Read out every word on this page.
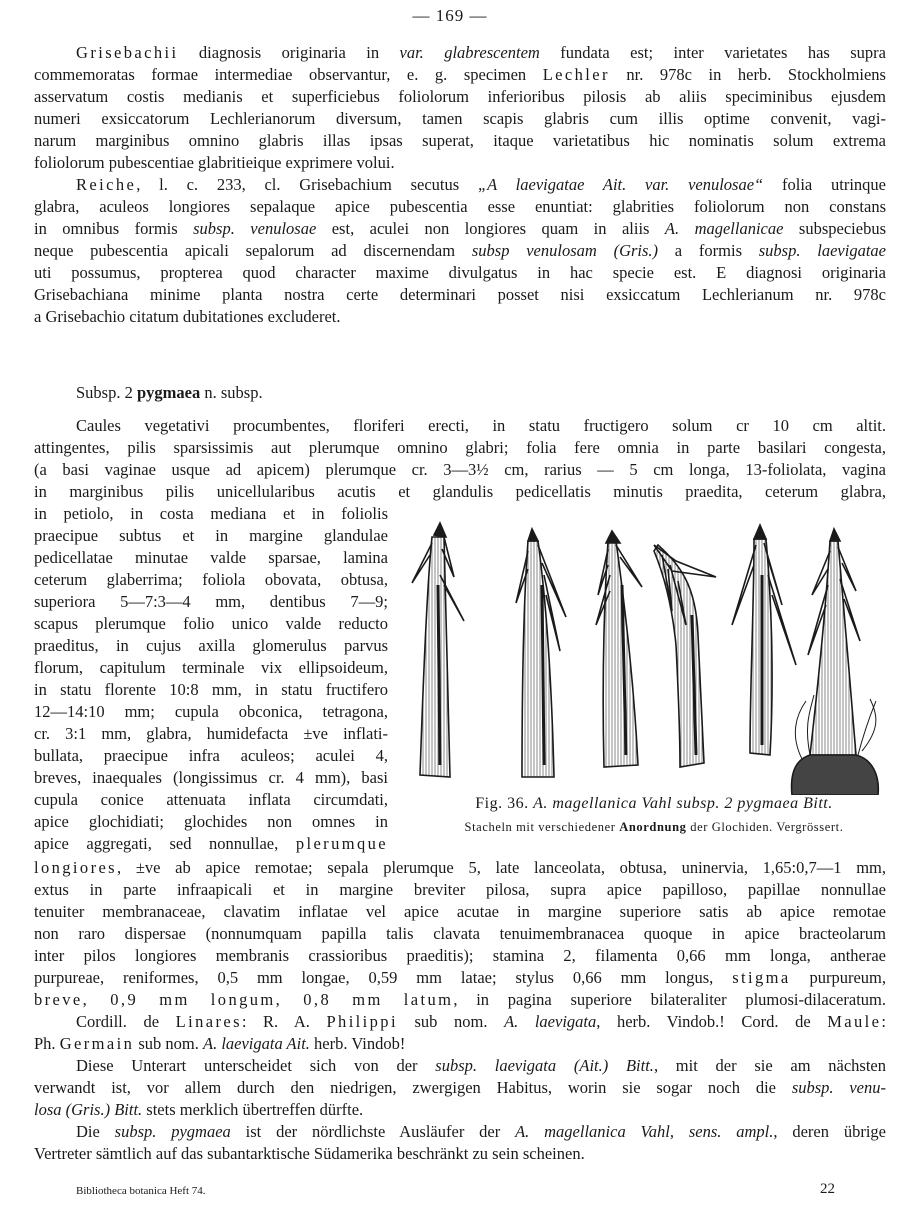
— 169 —
Grisebachii diagnosis originaria in var. glabrescentem fundata est; inter varietates has supra
commemoratas formae intermediae observantur, e. g. specimen Lechler nr. 978c in herb. Stockholmiens
asservatum costis medianis et superficiebus foliolorum inferioribus pilosis ab aliis speciminibus ejusdem
numeri exsiccatorum Lechlerianorum diversum, tamen scapis glabris cum illis optime convenit, vagi-
narum marginibus omnino glabris illas ipsas superat, itaque varietatibus hic nominatis solum extrema
foliolorum pubescentiae glabritieique exprimere volui.
Reiche, l. c. 233, cl. Grisebachium secutus „A laevigatae Ait. var. venulosae“ folia utrinque
glabra, aculeos longiores sepalaque apice pubescentia esse enuntiat: glabrities foliolorum non constans
in omnibus formis subsp. venulosae est, aculei non longiores quam in aliis A. magellanicae subspeciebus
neque pubescentia apicali sepalorum ad discernendam subsp venulosam (Gris.) a formis subsp. laevigatae
uti possumus, propterea quod character maxime divulgatus in hac specie est. E diagnosi originaria
Grisebachiana minime planta nostra certe determinari posset nisi exsiccatum Lechlerianum nr. 978c
a Grisebachio citatum dubitationes excluderet.
Subsp. 2 pygmaea n. subsp.
Caules vegetativi procumbentes, floriferi erecti, in statu fructigero solum cr 10 cm altit.
attingentes, pilis sparsissimis aut plerumque omnino glabri; folia fere omnia in parte basilari congesta,
(a basi vaginae usque ad apicem) plerumque cr. 3—3½ cm, rarius — 5 cm longa, 13-foliolata, vagina
in marginibus pilis unicellularibus acutis et glandulis pedicellatis minutis praedita, ceterum glabra,
in petiolo, in costa mediana et in foliolis
praecipue subtus et in margine glandulae
pedicellatae minutae valde sparsae, lamina
ceterum glaberrima; foliola obovata, obtusa,
superiora 5—7:3—4 mm, dentibus 7—9;
scapus plerumque folio unico valde reducto
praeditus, in cujus axilla glomerulus parvus
florum, capitulum terminale vix ellipsoideum,
in statu florente 10:8 mm, in statu fructifero
12—14:10 mm; cupula obconica, tetragona,
cr. 3:1 mm, glabra, humidefacta ±ve inflati-
bullata, praecipue infra aculeos; aculei 4,
breves, inaequales (longissimus cr. 4 mm), basi
cupula conice attenuata inflata circumdati,
apice glochidiati; glochides non omnes in
apice aggregati, sed nonnullae, plerumque
longiores, ±ve ab apice remotae; sepala plerumque 5, late lanceolata, obtusa, uninervia, 1,65:0,7—1 mm,
extus in parte infraapicali et in margine breviter pilosa, supra apice papilloso, papillae nonnullae
tenuiter membranaceae, clavatim inflatae vel apice acutae in margine superiore satis ab apice remotae
non raro dispersae (nonnumquam papilla talis clavata tenuimembranacea quoque in apice bracteolarum
inter pilos longiores membranis crassioribus praeditis); stamina 2, filamenta 0,66 mm longa, antherae
purpureae, reniformes, 0,5 mm longae, 0,59 mm latae; stylus 0,66 mm longus, stigma purpureum,
breve, 0,9 mm longum, 0,8 mm latum, in pagina superiore bilateraliter plumosi-dilaceratum.
Cordill. de Linares: R. A. Philippi sub nom. A. laevigata, herb. Vindob.! Cord. de Maule:
Ph. Germain sub nom. A. laevigata Ait. herb. Vindob!
Diese Unterart unterscheidet sich von der subsp. laevigata (Ait.) Bitt., mit der sie am nächsten
verwandt ist, vor allem durch den niedrigen, zwergigen Habitus, worin sie sogar noch die subsp. venu-
losa (Gris.) Bitt. stets merklich übertreffen dürfte.
Die subsp. pygmaea ist der nördlichste Ausläufer der A. magellanica Vahl, sens. ampl., deren übrige
Vertreter sämtlich auf das subantarktische Südamerika beschränkt zu sein scheinen.
Fig. 36. A. magellanica Vahl subsp. 2 pygmaea Bitt.
Stacheln mit verschiedener Anordnung der Glochiden. Vergrössert.
Bibliotheca botanica Heft 74.	22
